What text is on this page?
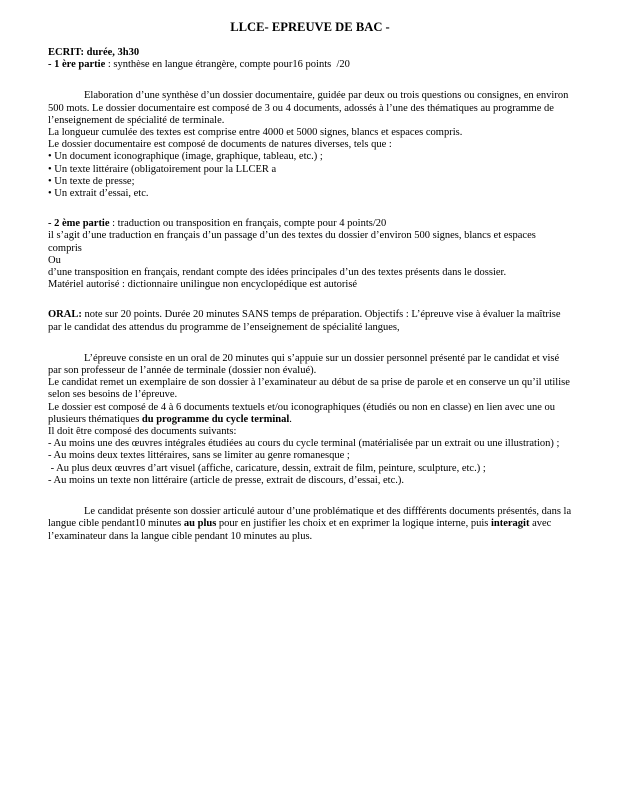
LLCE- EPREUVE DE BAC -
ECRIT: durée, 3h30
- 1 ère partie : synthèse en langue étrangère, compte pour16 points  /20

Elaboration d’une synthèse d’un dossier documentaire, guidée par deux ou trois questions ou consignes, en environ 500 mots. Le dossier documentaire est composé de 3 ou 4 documents, adossés à l’une des thématiques au programme de l’enseignement de spécialité de terminale.

La longueur cumulée des textes est comprise entre 4000 et 5000 signes, blancs et espaces compris.
Le dossier documentaire est composé de documents de natures diverses, tels que :
• Un document iconographique (image, graphique, tableau, etc.) ;
• Un texte littéraire (obligatoirement pour la LLCER a
• Un texte de presse;
• Un extrait d’essai, etc.
- 2 ème partie : traduction ou transposition en français, compte pour 4 points/20

il s’agit d’une traduction en français d’un passage d’un des textes du dossier d’environ 500 signes, blancs et espaces compris

Ou

d’une transposition en français, rendant compte des idées principales d’un des textes présents dans le dossier.

Matériel autorisé : dictionnaire unilingue non encyclopédique est autorisé

ORAL: note sur 20 points. Durée 20 minutes SANS temps de préparation. Objectifs : L’épreuve vise à évaluer la maîtrise par le candidat des attendus du programme de l’enseignement de spécialité langues,

L’épreuve consiste en un oral de 20 minutes qui s’appuie sur un dossier personnel présenté par le candidat et visé par son professeur de l’année de terminale (dossier non évalué).

Le candidat remet un exemplaire de son dossier à l’examinateur au début de sa prise de parole et en conserve un qu’il utilise selon ses besoins de l’épreuve.

Le dossier est composé de 4 à 6 documents textuels et/ou iconographiques (étudiés ou non en classe) en lien avec une ou plusieurs thématiques du programme du cycle terminal.

Il doit être composé des documents suivants:

- Au moins une des œuvres intégrales étudiées au cours du cycle terminal (matérialisée par un extrait ou une illustration) ;

- Au moins deux textes littéraires, sans se limiter au genre romanesque ;

- Au plus deux œuvres d’art visuel (affiche, caricature, dessin, extrait de film, peinture, sculpture, etc.) ;

- Au moins un texte non littéraire (article de presse, extrait de discours, d’essai, etc.).

Le candidat présente son dossier articulé autour d’une problématique et des diffférents documents présentés, dans la langue cible pendant10 minutes au plus pour en justifier les choix et en exprimer la logique interne, puis interagit avec l’examinateur dans la langue cible pendant 10 minutes au plus.
